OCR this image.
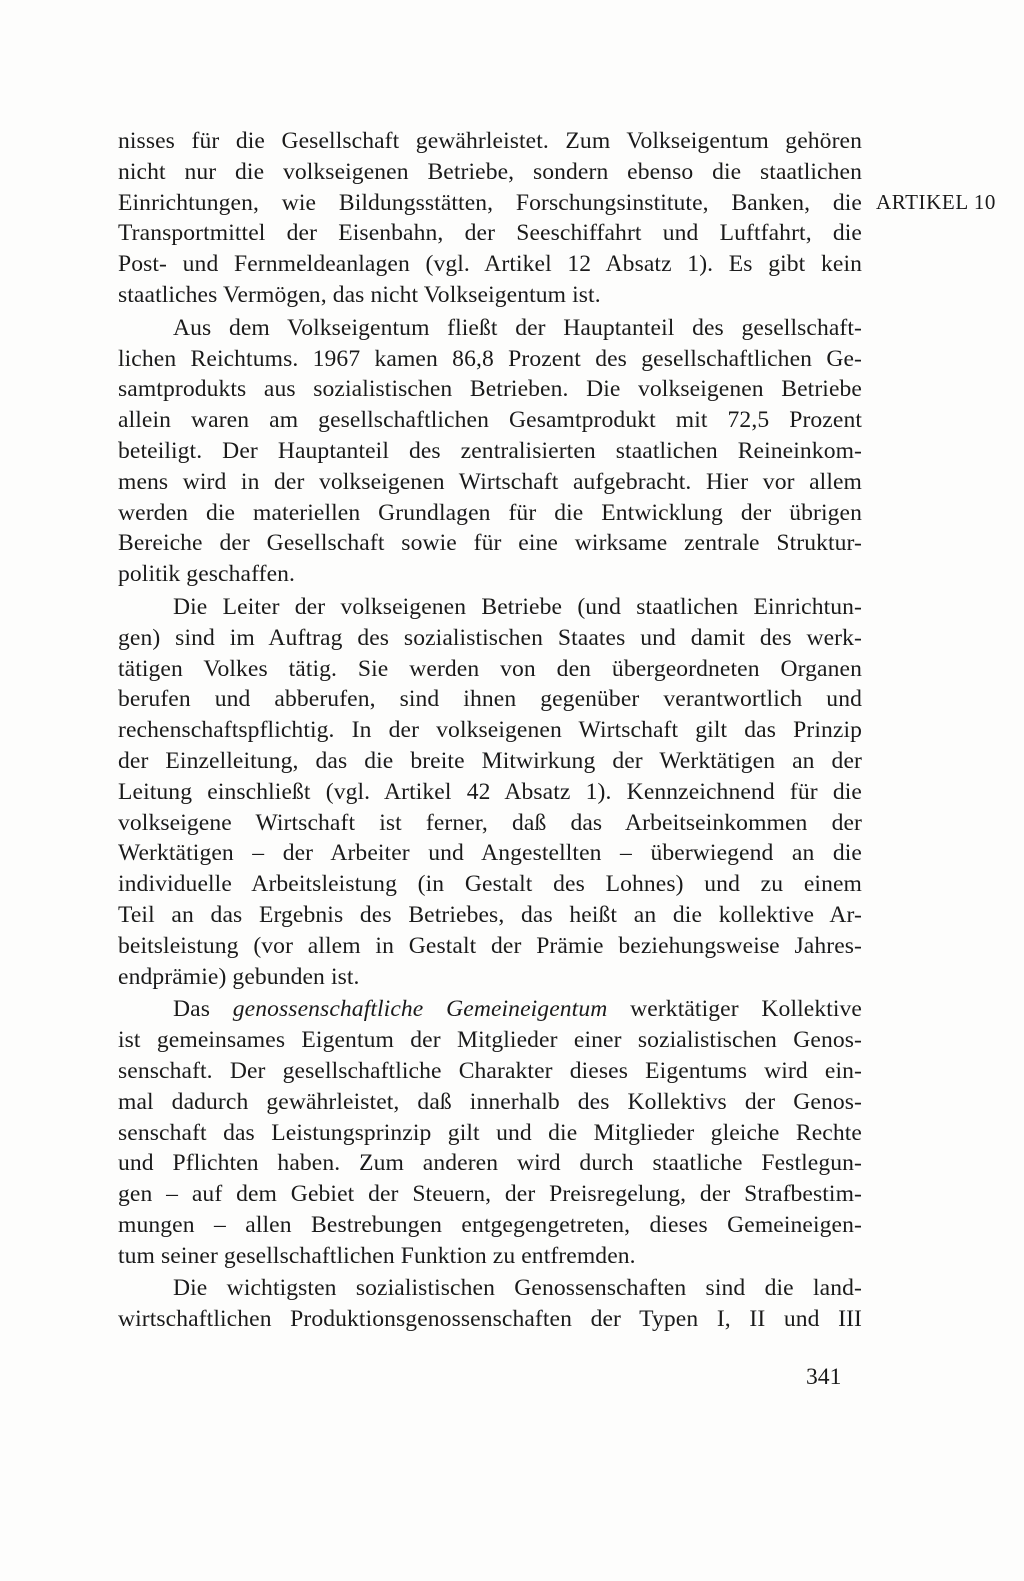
ARTIKEL 10
nisses für die Gesellschaft gewährleistet. Zum Volkseigentum gehören
nicht nur die volkseigenen Betriebe, sondern ebenso die staatlichen
Einrichtungen, wie Bildungsstätten, Forschungsinstitute, Banken, die
Transportmittel der Eisenbahn, der Seeschiffahrt und Luftfahrt, die
Post- und Fernmeldeanlagen (vgl. Artikel 12 Absatz 1). Es gibt kein
staatliches Vermögen, das nicht Volkseigentum ist.
Aus dem Volkseigentum fließt der Hauptanteil des gesellschaft-
lichen Reichtums. 1967 kamen 86,8 Prozent des gesellschaftlichen Ge-
samtprodukts aus sozialistischen Betrieben. Die volkseigenen Betriebe
allein waren am gesellschaftlichen Gesamtprodukt mit 72,5 Prozent
beteiligt. Der Hauptanteil des zentralisierten staatlichen Reineinkom-
mens wird in der volkseigenen Wirtschaft aufgebracht. Hier vor allem
werden die materiellen Grundlagen für die Entwicklung der übrigen
Bereiche der Gesellschaft sowie für eine wirksame zentrale Struktur-
politik geschaffen.
Die Leiter der volkseigenen Betriebe (und staatlichen Einrichtun-
gen) sind im Auftrag des sozialistischen Staates und damit des werk-
tätigen Volkes tätig. Sie werden von den übergeordneten Organen
berufen und abberufen, sind ihnen gegenüber verantwortlich und
rechenschaftspflichtig. In der volkseigenen Wirtschaft gilt das Prinzip
der Einzelleitung, das die breite Mitwirkung der Werktätigen an der
Leitung einschließt (vgl. Artikel 42 Absatz 1). Kennzeichnend für die
volkseigene Wirtschaft ist ferner, daß das Arbeitseinkommen der
Werktätigen – der Arbeiter und Angestellten – überwiegend an die
individuelle Arbeitsleistung (in Gestalt des Lohnes) und zu einem
Teil an das Ergebnis des Betriebes, das heißt an die kollektive Ar-
beitsleistung (vor allem in Gestalt der Prämie beziehungsweise Jahres-
endprämie) gebunden ist.
Das genossenschaftliche Gemeineigentum werktätiger Kollektive
ist gemeinsames Eigentum der Mitglieder einer sozialistischen Genos-
senschaft. Der gesellschaftliche Charakter dieses Eigentums wird ein-
mal dadurch gewährleistet, daß innerhalb des Kollektivs der Genos-
senschaft das Leistungsprinzip gilt und die Mitglieder gleiche Rechte
und Pflichten haben. Zum anderen wird durch staatliche Festlegun-
gen – auf dem Gebiet der Steuern, der Preisregelung, der Strafbestim-
mungen – allen Bestrebungen entgegengetreten, dieses Gemeineigen-
tum seiner gesellschaftlichen Funktion zu entfremden.
Die wichtigsten sozialistischen Genossenschaften sind die land-
wirtschaftlichen Produktionsgenossenschaften der Typen I, II und III
341
